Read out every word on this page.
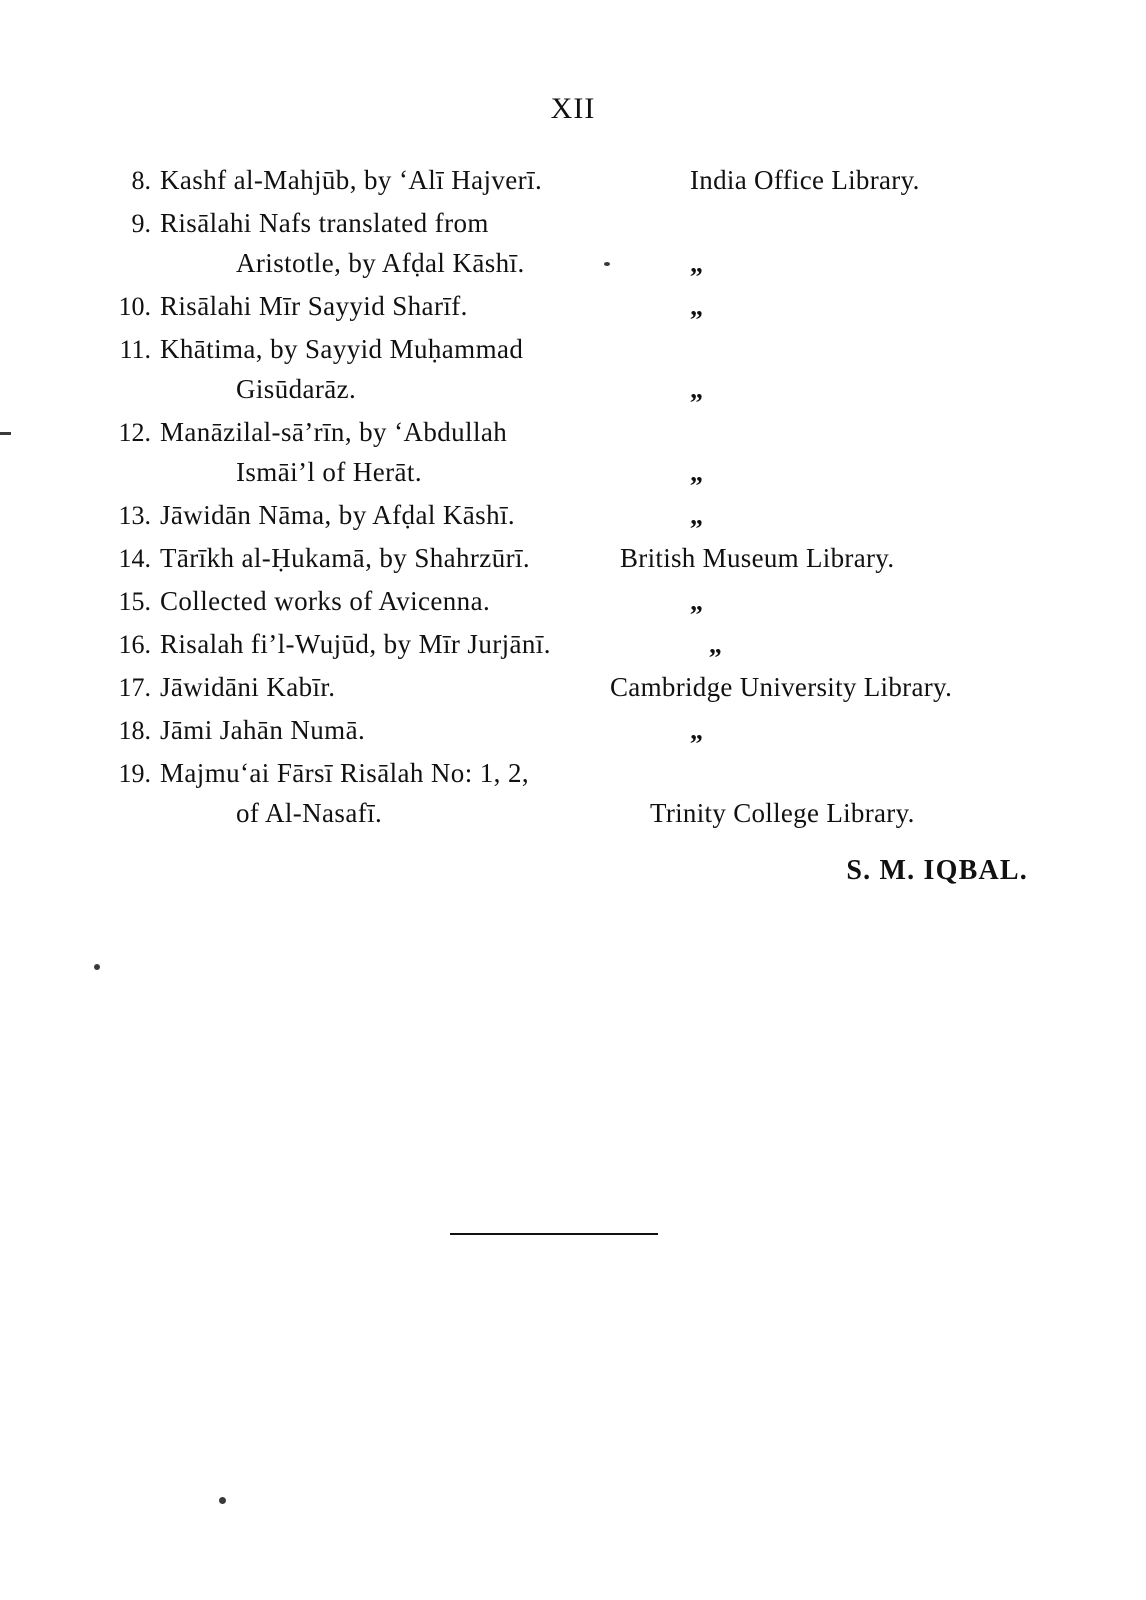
XII
8. Kashf al-Mahjūb, by ‘Alī Hajverī.	India Office Library.
9. Risālahi Nafs translated from
Aristotle, by Afḍal Kāshī.	„
10. Risālahi Mīr Sayyid Sharīf.	„
11. Khātima, by Sayyid Muḥammad
Gisūdarāz.	„
12. Manāzilal-sā’rīn, by ‘Abdullah
Ismāi’l of Herāt.	„
13. Jāwidān Nāma, by Afḍal Kāshī.	„
14. Tārīkh al-Ḥukamā, by Shahrzūrī.	British Museum Library.
15. Collected works of Avicenna.	„
16. Risalah fi’l-Wujūd, by Mīr Jurjānī.	„
17. Jāwidāni Kabīr.	Cambridge University Library.
18. Jāmi Jahān Numā.	„
19. Majmu‘ai Fārsī Risālah No: 1, 2,
of Al-Nasafī.	Trinity College Library.
S. M. IQBAL.
